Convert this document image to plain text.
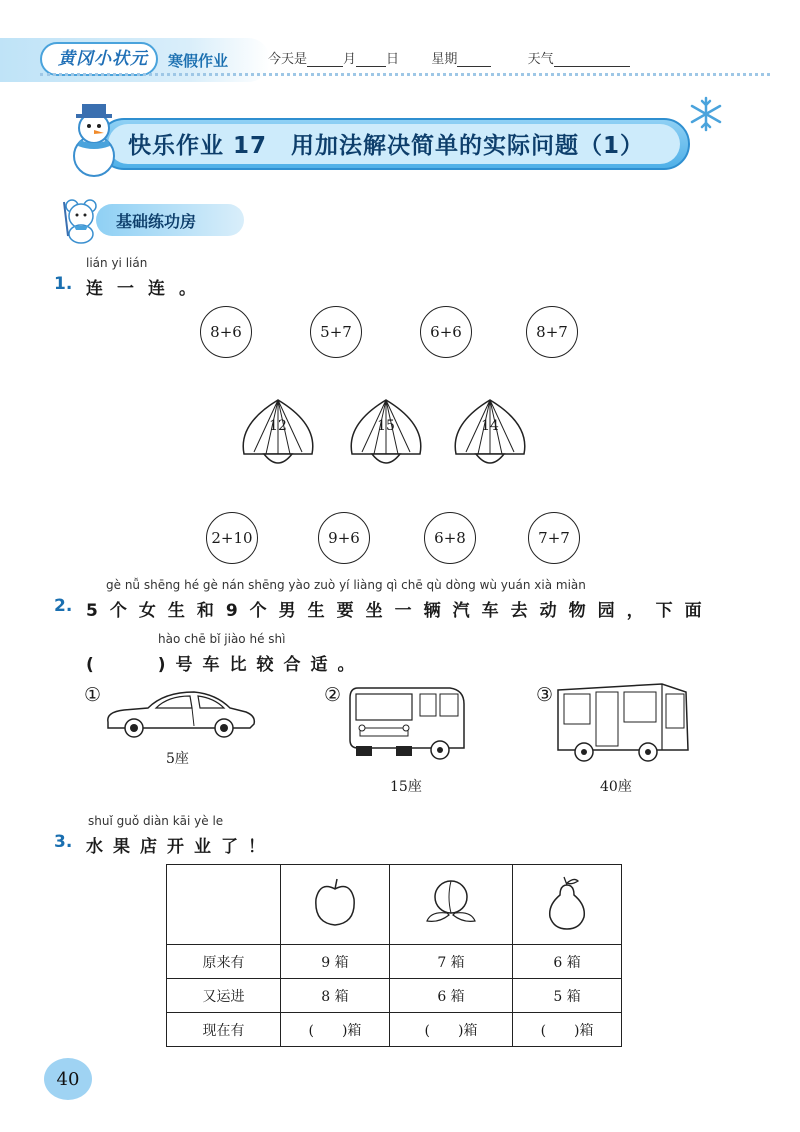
黄冈小状元 寒假作业	今天是	月 日 星期	天气
快乐作业 17　用加法解决简单的实际问题（1）
基础练功房
lián yi lián
1. 连一连。
8+6	5+7	6+6	8+7
12	15	14
2+10	9+6	6+8	7+7
gè nǚ shēng hé gè nán shēng yào zuò yí liàng qì chē qù dòng wù yuán xià miàn
2. 5个女生和9个男生要坐一辆汽车去动物园，下面
hào chē bǐ jiào hé shì
(　　)号车比较合适。
①
5座
②
15座
③
40座
shuǐ guǒ diàn kāi yè le
3. 水果店开业了！

原来有	9 箱	7 箱	6 箱
又运进	8 箱	6 箱	5 箱
现在有	(　　)箱	(　　)箱	(　　)箱
40
